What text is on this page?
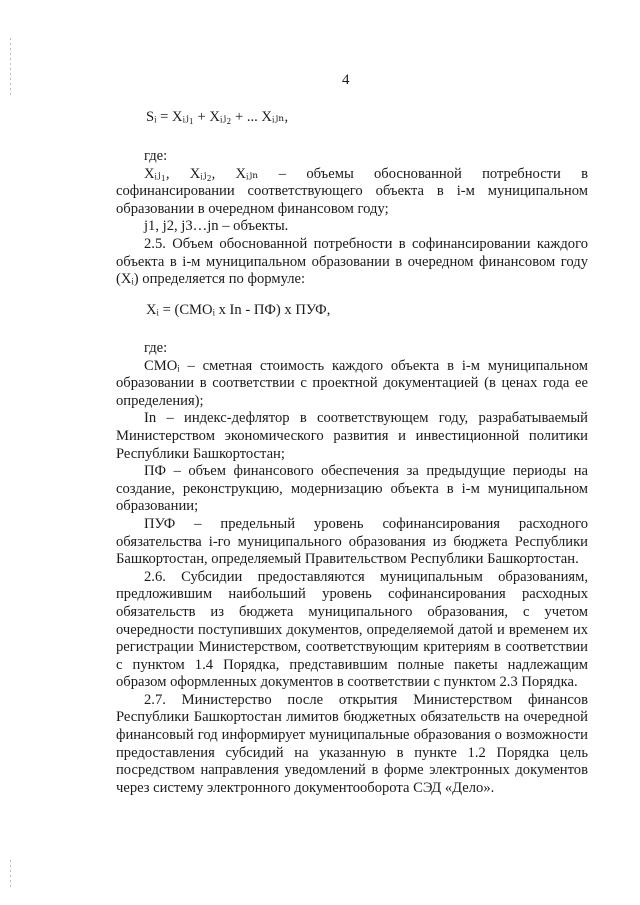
4
Sᵢ = Xᵢⱼ₁ + Xᵢⱼ₂ + ... Xᵢⱼₙ,

где:

Xᵢⱼ₁, Xᵢⱼ₂, Xᵢⱼₙ – объемы обоснованной потребности в софинансировании соответствующего объекта в i-м муниципальном образовании в очередном финансовом году;

j1, j2, j3…jn – объекты.

2.5. Объем обоснованной потребности в софинансировании каждого объекта в i-м муниципальном образовании в очередном финансовом году (Xᵢ) определяется по формуле:

Xᵢ = (СМОᵢ х In - ПФ) х ПУФ,

где:

СМОᵢ – сметная стоимость каждого объекта в i-м муниципальном образовании в соответствии с проектной документацией (в ценах года ее определения);

In – индекс-дефлятор в соответствующем году, разрабатываемый Министерством экономического развития и инвестиционной политики Республики Башкортостан;

ПФ – объем финансового обеспечения за предыдущие периоды на создание, реконструкцию, модернизацию объекта в i-м муниципальном образовании;

ПУФ – предельный уровень софинансирования расходного обязательства i-го муниципального образования из бюджета Республики Башкортостан, определяемый Правительством Республики Башкортостан.

2.6. Субсидии предоставляются муниципальным образованиям, предложившим наибольший уровень софинансирования расходных обязательств из бюджета муниципального образования, с учетом очередности поступивших документов, определяемой датой и временем их регистрации Министерством, соответствующим критериям в соответствии с пунктом 1.4 Порядка, представившим полные пакеты надлежащим образом оформленных документов в соответствии с пунктом 2.3 Порядка.

2.7. Министерство после открытия Министерством финансов Республики Башкортостан лимитов бюджетных обязательств на очередной финансовый год информирует муниципальные образования о возможности предоставления субсидий на указанную в пункте 1.2 Порядка цель посредством направления уведомлений в форме электронных документов через систему электронного документооборота СЭД «Дело».
